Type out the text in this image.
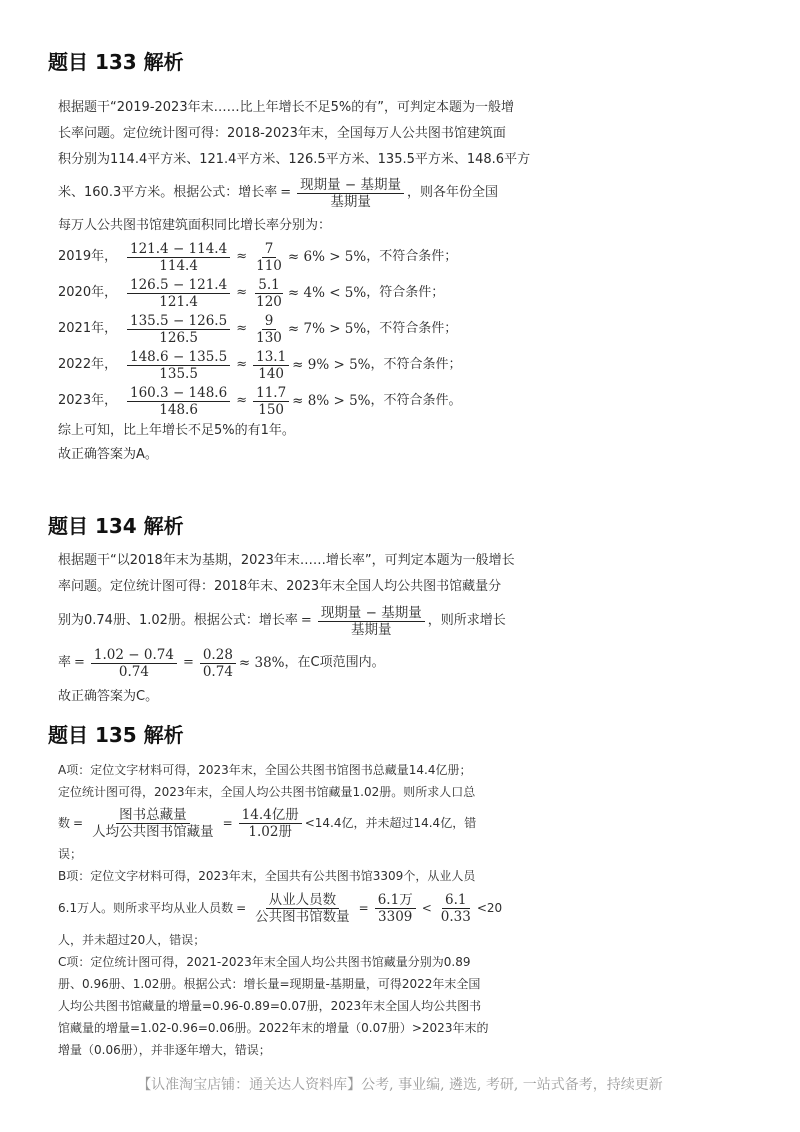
题目 133 解析

根据题干“2019-2023年末……比上年增长不足5%的有”，可判定本题为一般增

长率问题。定位统计图可得：2018-2023年末，全国每万人公共图书馆建筑面

积分别为114.4平方米、121.4平方米、126.5平方米、135.5平方米、148.6平方

米、160.3平方米。根据公式：增长率 = $\frac{\text{现期量 − 基期量}}{\text{基期量}}$ ，则各年份全国

每万人公共图书馆建筑面积同比增长率分别为：

2019年， $\frac{121.4 - 114.4}{114.4} \approx \frac{7}{110} \approx 6\% > 5\%$ ，不符合条件；
2020年， $\frac{126.5 - 121.4}{121.4} \approx \frac{5.1}{120} \approx 4\% < 5\%$ ，符合条件；
2021年， $\frac{135.5 - 126.5}{126.5} \approx \frac{9}{130} \approx 7\% > 5\%$ ，不符合条件；
2022年， $\frac{148.6 - 135.5}{135.5} \approx \frac{13.1}{140} \approx 9\% > 5\%$ ，不符合条件；
2023年， $\frac{160.3 - 148.6}{148.6} \approx \frac{11.7}{150} \approx 8\% > 5\%$ ，不符合条件。

综上可知，比上年增长不足5%的有1年。

故正确答案为A。

题目 134 解析

根据题干“以2018年末为基期，2023年末……增长率”，可判定本题为一般增长

率问题。定位统计图可得：2018年末、2023年末全国人均公共图书馆藏量分

别为0.74册、1.02册。根据公式：增长率 = $\frac{\text{现期量 − 基期量}}{\text{基期量}}$ ，则所求增长
率 = $\frac{1.02 - 0.74}{0.74} = \frac{0.28}{0.74} \approx 38\%$ ，在C项范围内。

故正确答案为C。

题目 135 解析

A项：定位文字材料可得，2023年末，全国公共图书馆图书总藏量14.4亿册；

定位统计图可得，2023年末，全国人均公共图书馆藏量1.02册。则所求人口总

数 = $\frac{\text{图书总藏量}}{\text{人均公共图书馆藏量}} = \frac{\text{14.4亿册}}{\text{1.02册}} <14.4$亿，并未超过14.4亿，错

误；

B项：定位文字材料可得，2023年末，全国共有公共图书馆3309个，从业人员

6.1万人。则所求平均从业人员数 = $\frac{\text{从业人员数}}{\text{公共图书馆数量}} = \frac{\text{6.1万}}{3309} < \frac{6.1}{0.33} <20$

人，并未超过20人，错误；

C项：定位统计图可得，2021-2023年末全国人均公共图书馆藏量分别为0.89

册、0.96册、1.02册。根据公式：增长量=现期量-基期量，可得2022年末全国

人均公共图书馆藏量的增量=0.96-0.89=0.07册，2023年末全国人均公共图书

馆藏量的增量=1.02-0.96=0.06册。2022年末的增量（0.07册）>2023年末的

增量（0.06册），并非逐年增大，错误；

【认准淘宝店铺：通关达人资料库】公考, 事业编, 遴选, 考研, 一站式备考，持续更新
